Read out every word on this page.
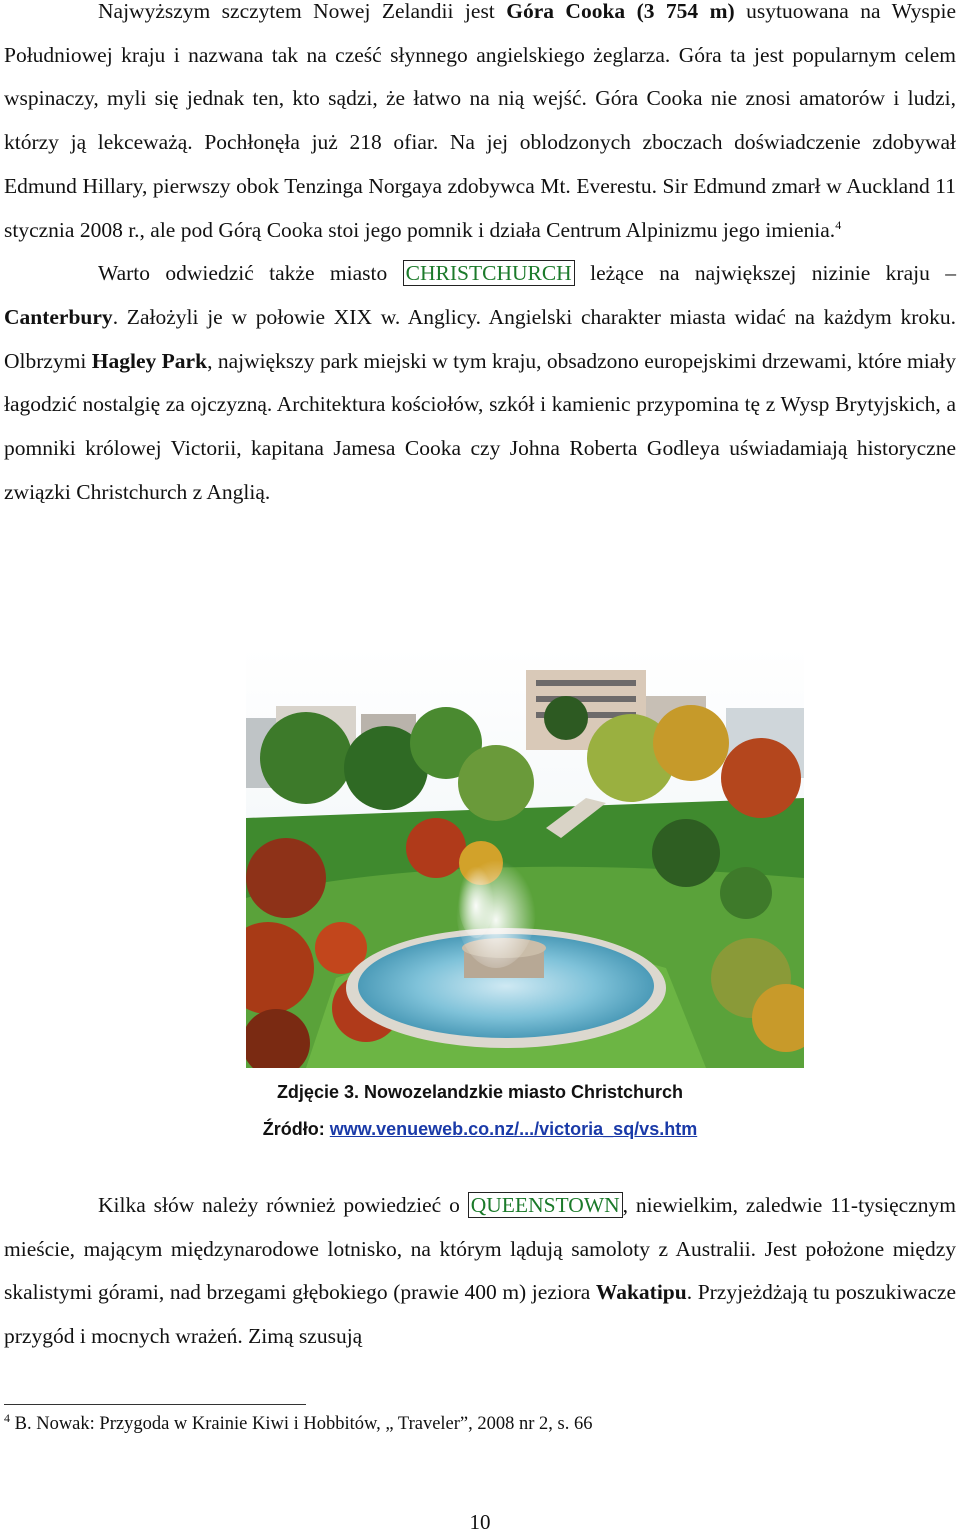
Najwyższym szczytem Nowej Zelandii jest Góra Cooka (3 754 m) usytuowana na Wyspie Południowej kraju i nazwana tak na cześć słynnego angielskiego żeglarza. Góra ta jest popularnym celem wspinaczy, myli się jednak ten, kto sądzi, że łatwo na nią wejść. Góra Cooka nie znosi amatorów i ludzi, którzy ją lekceważą. Pochłonęła już 218 ofiar. Na jej oblodzonych zboczach doświadczenie zdobywał Edmund Hillary, pierwszy obok Tenzinga Norgaya zdobywca Mt. Everestu. Sir Edmund zmarł w Auckland 11 stycznia 2008 r., ale pod Górą Cooka stoi jego pomnik i działa Centrum Alpinizmu jego imienia.$^4$

Warto odwiedzić także miasto CHRISTCHURCH leżące na największej nizinie kraju – Canterbury. Założyli je w połowie XIX w. Anglicy. Angielski charakter miasta widać na każdym kroku. Olbrzymi Hagley Park, największy park miejski w tym kraju, obsadzono europejskimi drzewami, które miały łagodzić nostalgię za ojczyzną. Architektura kościołów, szkół i kamienic przypomina tę z Wysp Brytyjskich, a pomniki królowej Victorii, kapitana Jamesa Cooka czy Johna Roberta Godleya uświadamiają historyczne związki Christchurch z Anglią.

Zdjęcie 3. Nowozelandzkie miasto Christchurch
Źródło: www.venueweb.co.nz/.../victoria_sq/vs.htm

Kilka słów należy również powiedzieć o QUEENSTOWN , niewielkim, zaledwie 11-tysięcznym mieście, mającym międzynarodowe lotnisko, na którym lądują samoloty z Australii. Jest położone między skalistymi górami, nad brzegami głębokiego (prawie 400 m) jeziora Wakatipu. Przyjeżdżają tu poszukiwacze przygód i mocnych wrażeń. Zimą szusują

$^4$ B. Nowak: Przygoda w Krainie Kiwi i Hobbitów, „ Traveler”, 2008 nr 2, s. 66
10
